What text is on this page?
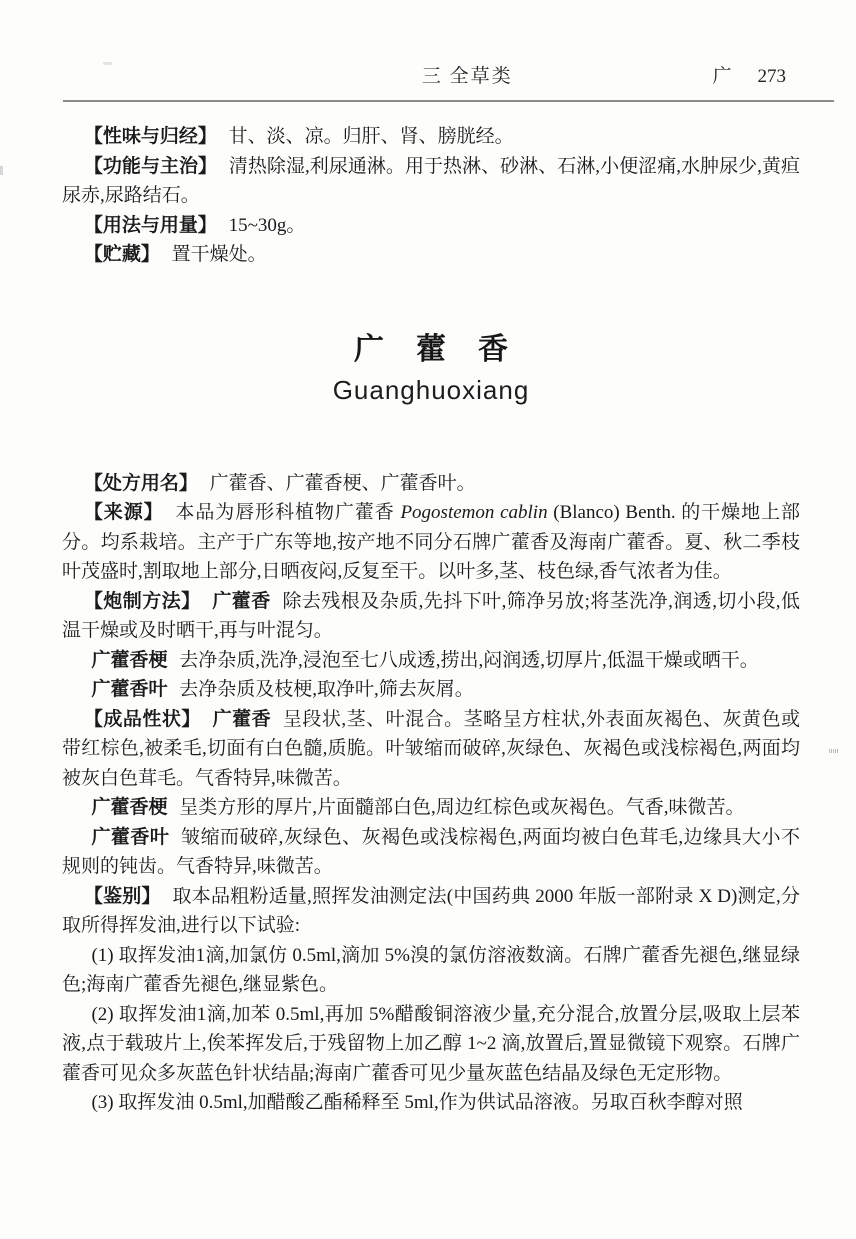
三 全草类	广 273

【性味与归经】 甘、淡、凉。归肝、肾、膀胱经。

【功能与主治】 清热除湿,利尿通淋。用于热淋、砂淋、石淋,小便涩痛,水肿尿少,黄疸尿赤,尿路结石。

【用法与用量】 15~30g。

【贮藏】 置干燥处。

广藿香

Guanghuoxiang

【处方用名】 广藿香、广藿香梗、广藿香叶。

【来源】 本品为唇形科植物广藿香 Pogostemon cablin (Blanco) Benth. 的干燥地上部分。均系栽培。主产于广东等地,按产地不同分石牌广藿香及海南广藿香。夏、秋二季枝叶茂盛时,割取地上部分,日晒夜闷,反复至干。以叶多,茎、枝色绿,香气浓者为佳。

【炮制方法】 广藿香 除去残根及杂质,先抖下叶,筛净另放;将茎洗净,润透,切小段,低温干燥或及时晒干,再与叶混匀。

广藿香梗 去净杂质,洗净,浸泡至七八成透,捞出,闷润透,切厚片,低温干燥或晒干。

广藿香叶 去净杂质及枝梗,取净叶,筛去灰屑。

【成品性状】 广藿香 呈段状,茎、叶混合。茎略呈方柱状,外表面灰褐色、灰黄色或带红棕色,被柔毛,切面有白色髓,质脆。叶皱缩而破碎,灰绿色、灰褐色或浅棕褐色,两面均被灰白色茸毛。气香特异,味微苦。

广藿香梗 呈类方形的厚片,片面髓部白色,周边红棕色或灰褐色。气香,味微苦。

广藿香叶 皱缩而破碎,灰绿色、灰褐色或浅棕褐色,两面均被白色茸毛,边缘具大小不规则的钝齿。气香特异,味微苦。

【鉴别】 取本品粗粉适量,照挥发油测定法(中国药典 2000 年版一部附录 X D)测定,分取所得挥发油,进行以下试验:

(1) 取挥发油1滴,加氯仿 0.5ml,滴加 5%溴的氯仿溶液数滴。石牌广藿香先褪色,继显绿色;海南广藿香先褪色,继显紫色。

(2) 取挥发油1滴,加苯 0.5ml,再加 5%醋酸铜溶液少量,充分混合,放置分层,吸取上层苯液,点于载玻片上,俟苯挥发后,于残留物上加乙醇 1~2 滴,放置后,置显微镜下观察。石牌广藿香可见众多灰蓝色针状结晶;海南广藿香可见少量灰蓝色结晶及绿色无定形物。

(3) 取挥发油 0.5ml,加醋酸乙酯稀释至 5ml,作为供试品溶液。另取百秋李醇对照
